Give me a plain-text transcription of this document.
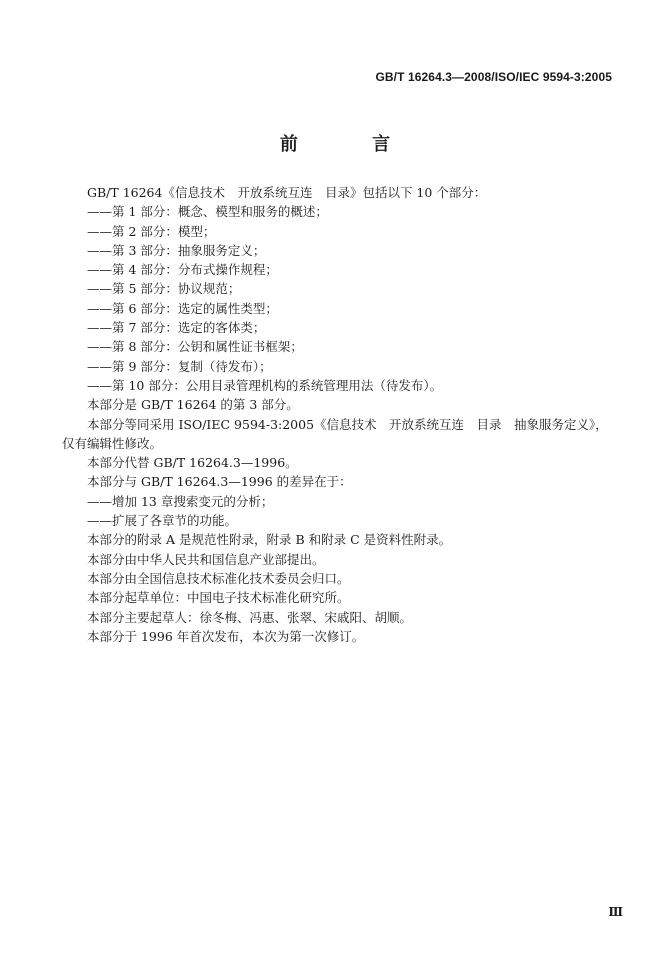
GB/T 16264.3—2008/ISO/IEC 9594-3:2005
前 言

GB/T 16264《信息技术　开放系统互连　目录》包括以下 10 个部分：

——第 1 部分：概念、模型和服务的概述；

——第 2 部分：模型；

——第 3 部分：抽象服务定义；

——第 4 部分：分布式操作规程；

——第 5 部分：协议规范；

——第 6 部分：选定的属性类型；

——第 7 部分：选定的客体类；

——第 8 部分：公钥和属性证书框架；

——第 9 部分：复制（待发布）；

——第 10 部分：公用目录管理机构的系统管理用法（待发布）。

本部分是 GB/T 16264 的第 3 部分。

本部分等同采用 ISO/IEC 9594-3:2005《信息技术　开放系统互连　目录　抽象服务定义》，仅有编辑性修改。

本部分代替 GB/T 16264.3—1996。

本部分与 GB/T 16264.3—1996 的差异在于：

——增加 13 章搜索变元的分析；

——扩展了各章节的功能。

本部分的附录 A 是规范性附录，附录 B 和附录 C 是资料性附录。

本部分由中华人民共和国信息产业部提出。

本部分由全国信息技术标准化技术委员会归口。

本部分起草单位：中国电子技术标准化研究所。

本部分主要起草人：徐冬梅、冯惠、张翠、宋戚阳、胡顺。

本部分于 1996 年首次发布，本次为第一次修订。

Ⅲ
